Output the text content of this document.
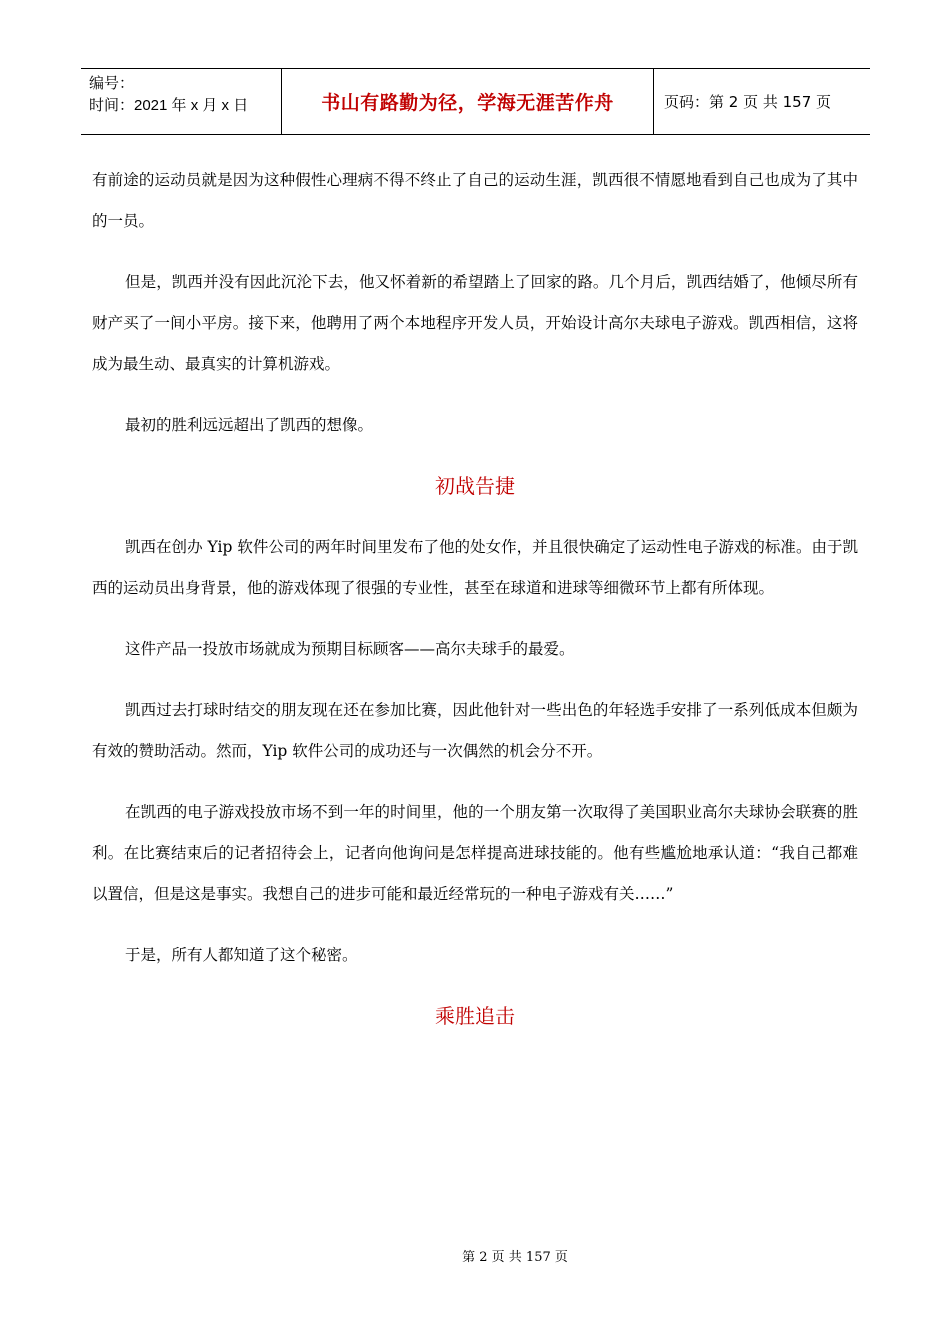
编号：
时间：2021 年 x 月 x 日	书山有路勤为径，学海无涯苦作舟	页码：第 2 页 共 157 页

有前途的运动员就是因为这种假性心理病不得不终止了自己的运动生涯，凯西很不情愿地看到自己也成为了其中的一员。

但是，凯西并没有因此沉沦下去，他又怀着新的希望踏上了回家的路。几个月后，凯西结婚了，他倾尽所有财产买了一间小平房。接下来，他聘用了两个本地程序开发人员，开始设计高尔夫球电子游戏。凯西相信，这将成为最生动、最真实的计算机游戏。

最初的胜利远远超出了凯西的想像。

初战告捷

凯西在创办 Yip 软件公司的两年时间里发布了他的处女作，并且很快确定了运动性电子游戏的标准。由于凯西的运动员出身背景，他的游戏体现了很强的专业性，甚至在球道和进球等细微环节上都有所体现。

这件产品一投放市场就成为预期目标顾客——高尔夫球手的最爱。

凯西过去打球时结交的朋友现在还在参加比赛，因此他针对一些出色的年轻选手安排了一系列低成本但颇为有效的赞助活动。然而，Yip 软件公司的成功还与一次偶然的机会分不开。

在凯西的电子游戏投放市场不到一年的时间里，他的一个朋友第一次取得了美国职业高尔夫球协会联赛的胜利。在比赛结束后的记者招待会上，记者向他询问是怎样提高进球技能的。他有些尴尬地承认道：“我自己都难以置信，但是这是事实。我想自己的进步可能和最近经常玩的一种电子游戏有关……”

于是，所有人都知道了这个秘密。

乘胜追击
第 2 页 共 157 页
